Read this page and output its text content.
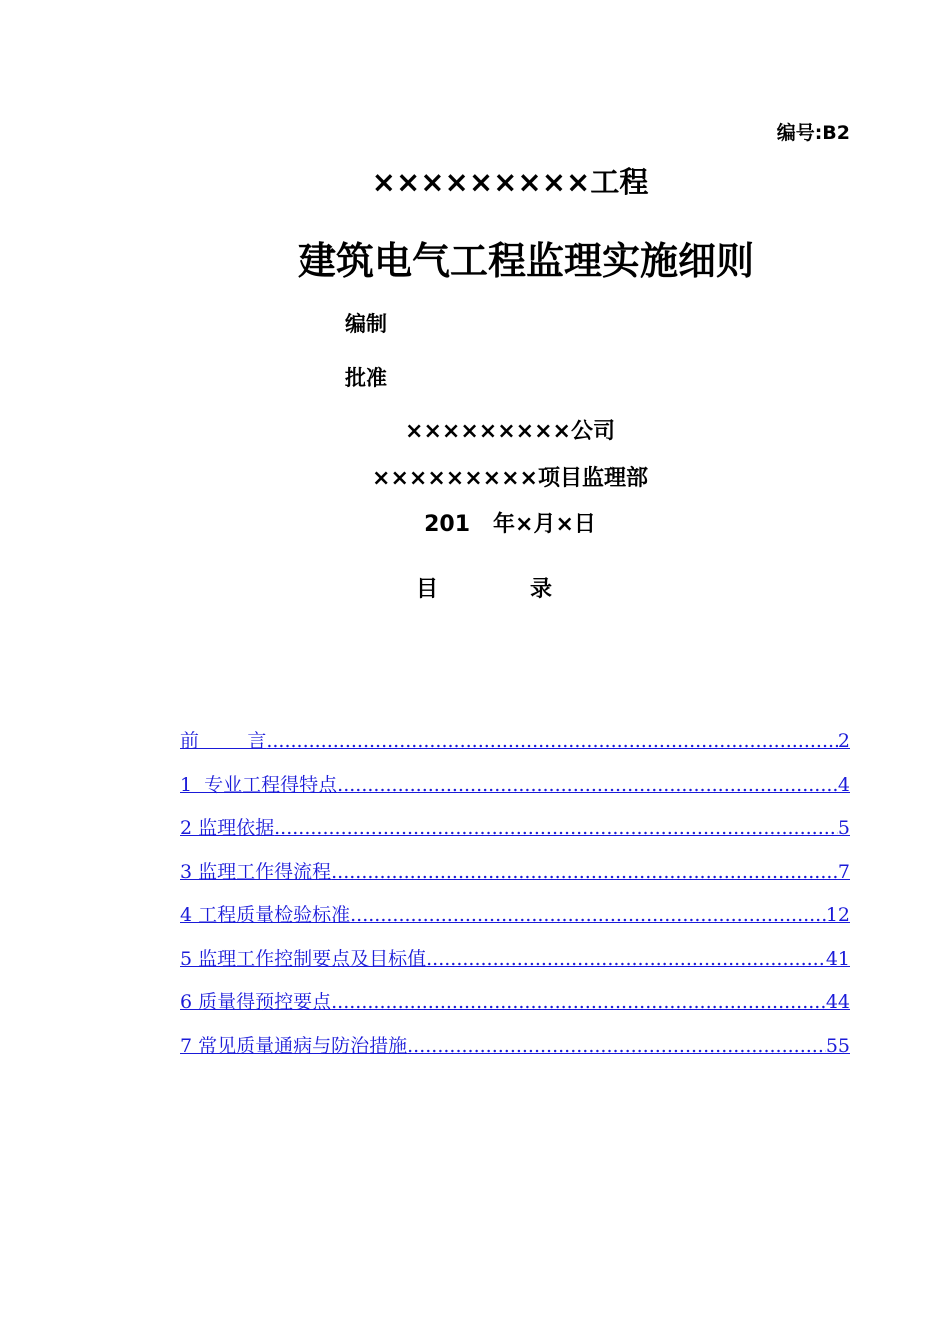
编号:B2
×××××××××工程
建筑电气工程监理实施细则
编制
批准
×××××××××公司
×××××××××项目监理部
201   年×月×日
目	录
前        言 .....	2
1  专业工程得特点 .....	4
2 监理依据 .....	5
3 监理工作得流程 .....	7
4 工程质量检验标准 .....	12
5 监理工作控制要点及目标值 .....	41
6 质量得预控要点 .....	44
7 常见质量通病与防治措施 .....	55
